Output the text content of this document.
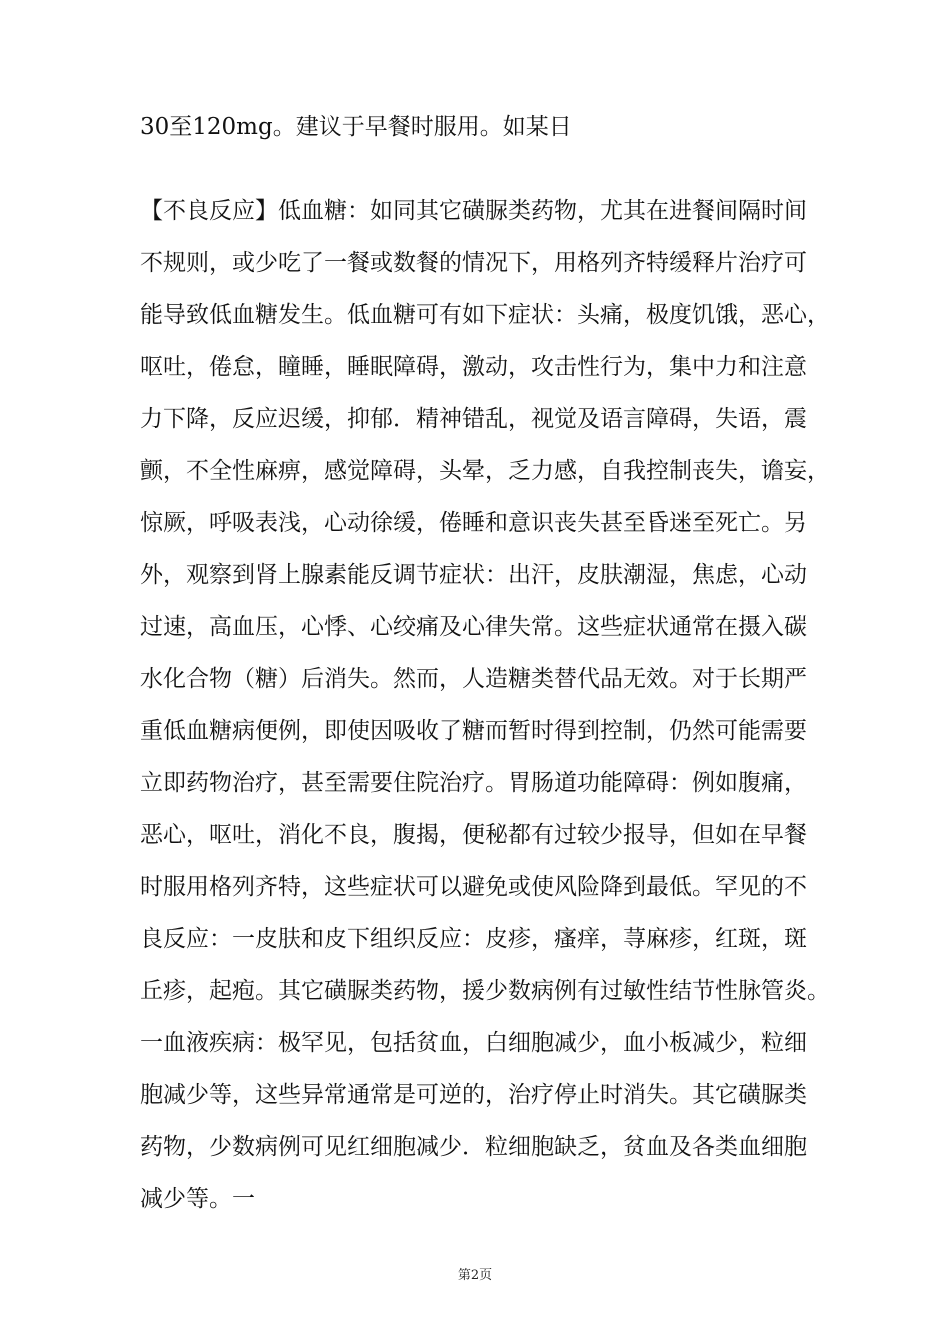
30至120mg。建议于早餐时服用。如某日
【不良反应】低血糖：如同其它磺脲类药物，尤其在进餐间隔时间
不规则，或少吃了一餐或数餐的情况下，用格列齐特缓释片治疗可
能导致低血糖发生。低血糖可有如下症状：头痛，极度饥饿，恶心，
呕吐，倦怠，瞳睡，睡眠障碍，激动，攻击性行为，集中力和注意
力下降，反应迟缓，抑郁．精神错乱，视觉及语言障碍，失语，震
颤，不全性麻痹，感觉障碍，头晕，乏力感，自我控制丧失，谵妄，
惊厥，呼吸表浅，心动徐缓，倦睡和意识丧失甚至昏迷至死亡。另
外，观察到肾上腺素能反调节症状：出汗，皮肤潮湿，焦虑，心动
过速，高血压，心悸、心绞痛及心律失常。这些症状通常在摄入碳
水化合物（糖）后消失。然而，人造糖类替代品无效。对于长期严
重低血糖病便例，即使因吸收了糖而暂时得到控制，仍然可能需要
立即药物治疗，甚至需要住院治疗。胃肠道功能障碍：例如腹痛，
恶心，呕吐，消化不良，腹揭，便秘都有过较少报导，但如在早餐
时服用格列齐特，这些症状可以避免或使风险降到最低。罕见的不
良反应：一皮肤和皮下组织反应：皮疹，瘙痒，荨麻疹，红斑，斑
丘疹，起疱。其它磺脲类药物，援少数病例有过敏性结节性脉管炎。
一血液疾病：极罕见，包括贫血，白细胞减少，血小板减少，粒细
胞减少等，这些异常通常是可逆的，治疗停止时消失。其它磺脲类
药物，少数病例可见红细胞减少．粒细胞缺乏，贫血及各类血细胞
减少等。一
第2页
